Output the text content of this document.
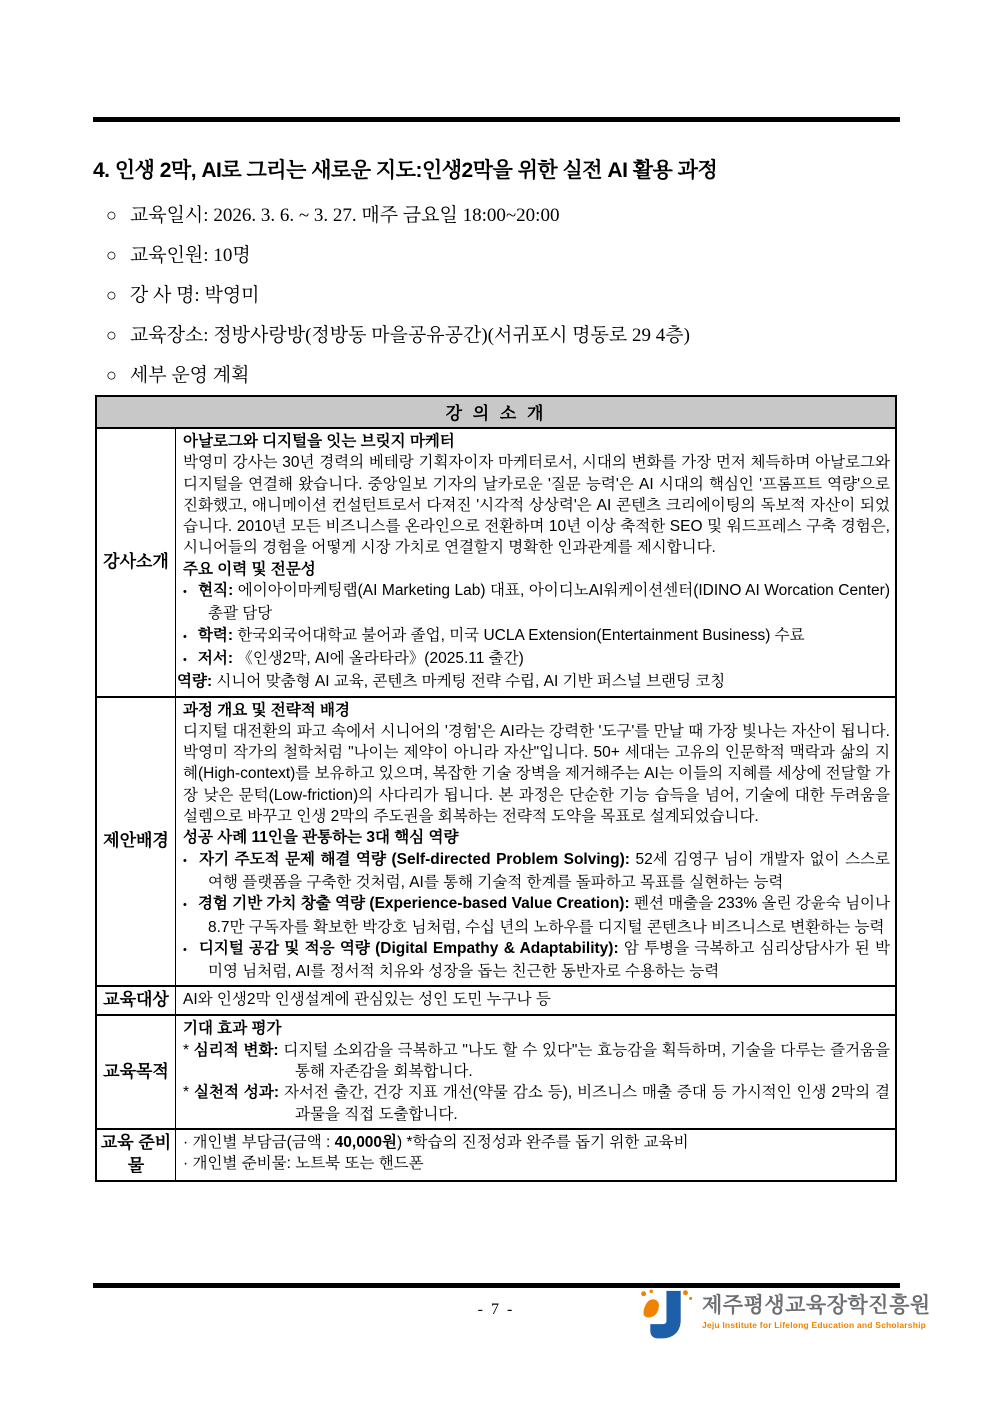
4. 인생 2막, AI로 그리는 새로운 지도:인생2막을 위한 실전 AI 활용 과정
○ 교육일시: 2026. 3. 6. ~ 3. 27. 매주 금요일 18:00~20:00
○ 교육인원: 10명
○ 강 사 명: 박영미
○ 교육장소: 정방사랑방(정방동 마을공유공간)(서귀포시 명동로 29 4층)
○ 세부 운영 계획
강 의 소 개
강사소개
아날로그와 디지털을 잇는 브릿지 마케터
박영미 강사는 30년 경력의 베테랑 기획자이자 마케터로서, 시대의 변화를 가장 먼저 체득하며 아날로그와 디지털을 연결해 왔습니다. 중앙일보 기자의 날카로운 '질문 능력'은 AI 시대의 핵심인 '프롬프트 역량'으로 진화했고, 애니메이션 컨설턴트로서 다져진 '시각적 상상력'은 AI 콘텐츠 크리에이팅의 독보적 자산이 되었습니다. 2010년 모든 비즈니스를 온라인으로 전환하며 10년 이상 축적한 SEO 및 워드프레스 구축 경험은, 시니어들의 경험을 어떻게 시장 가치로 연결할지 명확한 인과관계를 제시합니다.
주요 이력 및 전문성
• 현직: 에이아이마케팅랩(AI Marketing Lab) 대표, 아이디노AI워케이션센터(IDINO AI Worcation Center) 총괄 담당
• 학력: 한국외국어대학교 불어과 졸업, 미국 UCLA Extension(Entertainment Business) 수료
• 저서: 《인생2막, AI에 올라타라》(2025.11 출간)
역량: 시니어 맞춤형 AI 교육, 콘텐츠 마케팅 전략 수립, AI 기반 퍼스널 브랜딩 코칭
제안배경
과정 개요 및 전략적 배경
디지털 대전환의 파고 속에서 시니어의 '경험'은 AI라는 강력한 '도구'를 만날 때 가장 빛나는 자산이 됩니다. 박영미 작가의 철학처럼 "나이는 제약이 아니라 자산"입니다. 50+ 세대는 고유의 인문학적 맥락과 삶의 지혜(High-context)를 보유하고 있으며, 복잡한 기술 장벽을 제거해주는 AI는 이들의 지혜를 세상에 전달할 가장 낮은 문턱(Low-friction)의 사다리가 됩니다. 본 과정은 단순한 기능 습득을 넘어, 기술에 대한 두려움을 설렘으로 바꾸고 인생 2막의 주도권을 회복하는 전략적 도약을 목표로 설계되었습니다.
성공 사례 11인을 관통하는 3대 핵심 역량
• 자기 주도적 문제 해결 역량 (Self-directed Problem Solving): 52세 김영구 님이 개발자 없이 스스로 여행 플랫폼을 구축한 것처럼, AI를 통해 기술적 한계를 돌파하고 목표를 실현하는 능력
• 경험 기반 가치 창출 역량 (Experience-based Value Creation): 펜션 매출을 233% 올린 강윤숙 님이나 8.7만 구독자를 확보한 박강호 님처럼, 수십 년의 노하우를 디지털 콘텐츠나 비즈니스로 변환하는 능력
• 디지털 공감 및 적응 역량 (Digital Empathy & Adaptability): 암 투병을 극복하고 심리상담사가 된 박미영 님처럼, AI를 정서적 치유와 성장을 돕는 친근한 동반자로 수용하는 능력
교육대상 AI와 인생2막 인생설계에 관심있는 성인 도민 누구나 등
교육목적
기대 효과 평가
* 심리적 변화: 디지털 소외감을 극복하고 "나도 할 수 있다"는 효능감을 획득하며, 기술을 다루는 즐거움을 통해 자존감을 회복합니다.
* 실천적 성과: 자서전 출간, 건강 지표 개선(약물 감소 등), 비즈니스 매출 증대 등 가시적인 인생 2막의 결과물을 직접 도출합니다.
교육 준비물
· 개인별 부담금(금액 : 40,000원) *학습의 진정성과 완주를 돕기 위한 교육비
· 개인별 준비물: 노트북 또는 핸드폰
- 7 -	제주평생교육장학진흥원
Jeju Institute for Lifelong Education and Scholarship
